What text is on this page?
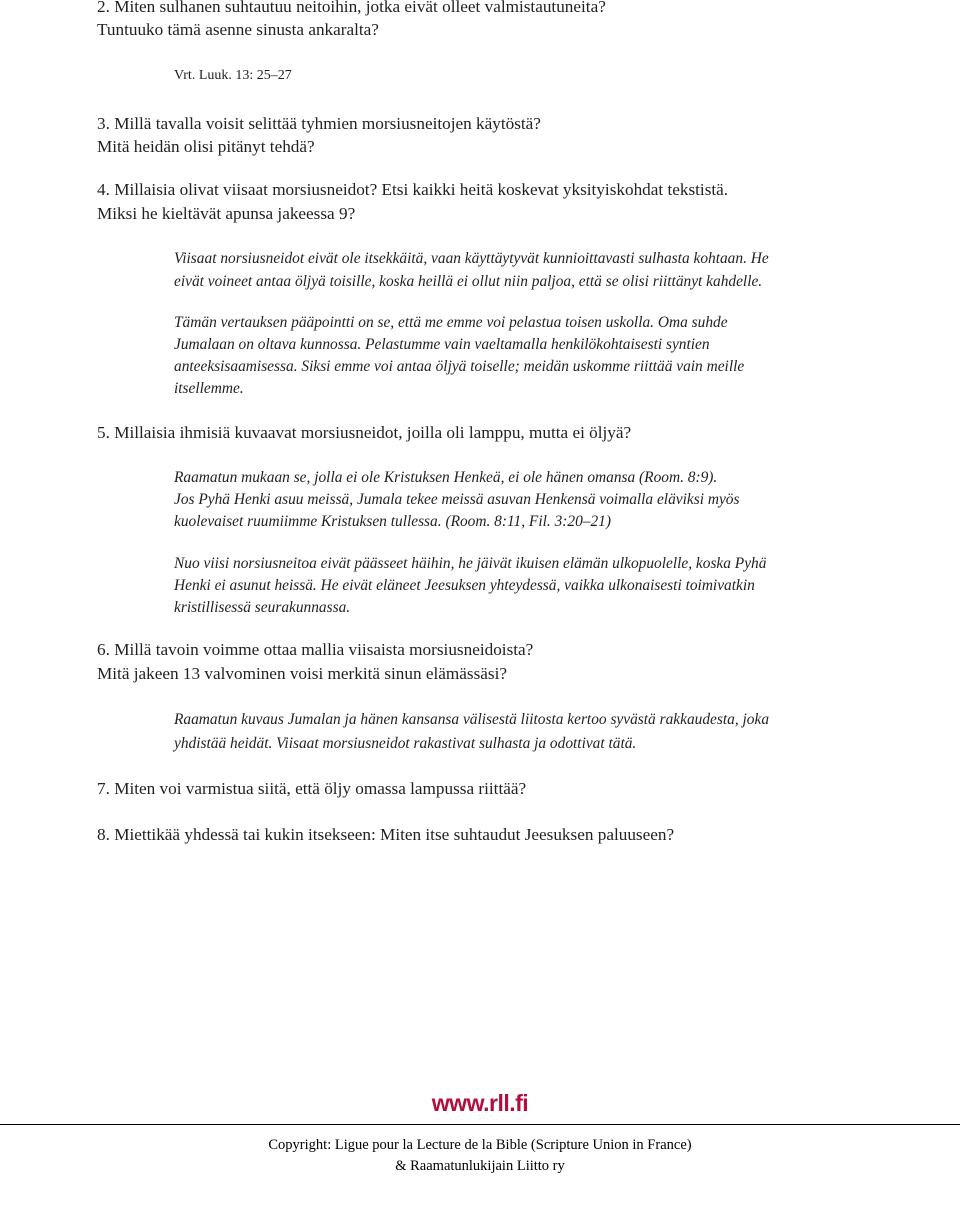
2. Miten sulhanen suhtautuu neitoihin, jotka eivät olleet valmistautuneita?
Tuntuuko tämä asenne sinusta ankaralta?
Vrt. Luuk. 13: 25–27
3. Millä tavalla voisit selittää tyhmien morsiusneitojen käytöstä?
Mitä heidän olisi pitänyt tehdä?
4. Millaisia olivat viisaat morsiusneidot? Etsi kaikki heitä koskevat yksityiskohdat tekstistä.
Miksi he kieltävät apunsa jakeessa 9?
Viisaat norsiusneidot eivät ole itsekkäitä, vaan käyttäytyvät kunnioittavasti sulhasta kohtaan. He
eivät voineet antaa öljyä toisille, koska heillä ei ollut niin paljoa, että se olisi riittänyt kahdelle.
Tämän vertauksen pääpointti on se, että me emme voi pelastua toisen uskolla. Oma suhde
Jumalaan on oltava kunnossa. Pelastumme vain vaeltamalla henkilökohtaisesti syntien
anteeksisaamisessa. Siksi emme voi antaa öljyä toiselle; meidän uskomme riittää vain meille
itsellemme.
5. Millaisia ihmisiä kuvaavat morsiusneidot, joilla oli lamppu, mutta ei öljyä?
Raamatun mukaan se, jolla ei ole Kristuksen Henkeä, ei ole hänen omansa (Room. 8:9).
Jos Pyhä Henki asuu meissä, Jumala tekee meissä asuvan Henkensä voimalla eläviksi myös
kuolevaiset ruumiimme Kristuksen tullessa. (Room. 8:11, Fil. 3:20–21)
Nuo viisi norsiusneitoa eivät päässeet häihin, he jäivät ikuisen elämän ulkopuolelle, koska Pyhä
Henki ei asunut heissä. He eivät eläneet Jeesuksen yhteydessä, vaikka ulkonaisesti toimivatkin
kristillisessä seurakunnassa.
6. Millä tavoin voimme ottaa mallia viisaista morsiusneidoista?
Mitä jakeen 13 valvominen voisi merkitä sinun elämässäsi?
Raamatun kuvaus Jumalan ja hänen kansansa välisestä liitosta kertoo syvästä rakkaudesta, joka
yhdistää heidät. Viisaat morsiusneidot rakastivat sulhasta ja odottivat tätä.
7. Miten voi varmistua siitä, että öljy omassa lampussa riittää?
8. Miettikää yhdessä tai kukin itsekseen: Miten itse suhtaudut Jeesuksen paluuseen?
www.rll.fi
Copyright: Ligue pour la Lecture de la Bible (Scripture Union in France)
& Raamatunlukijain Liitto ry
